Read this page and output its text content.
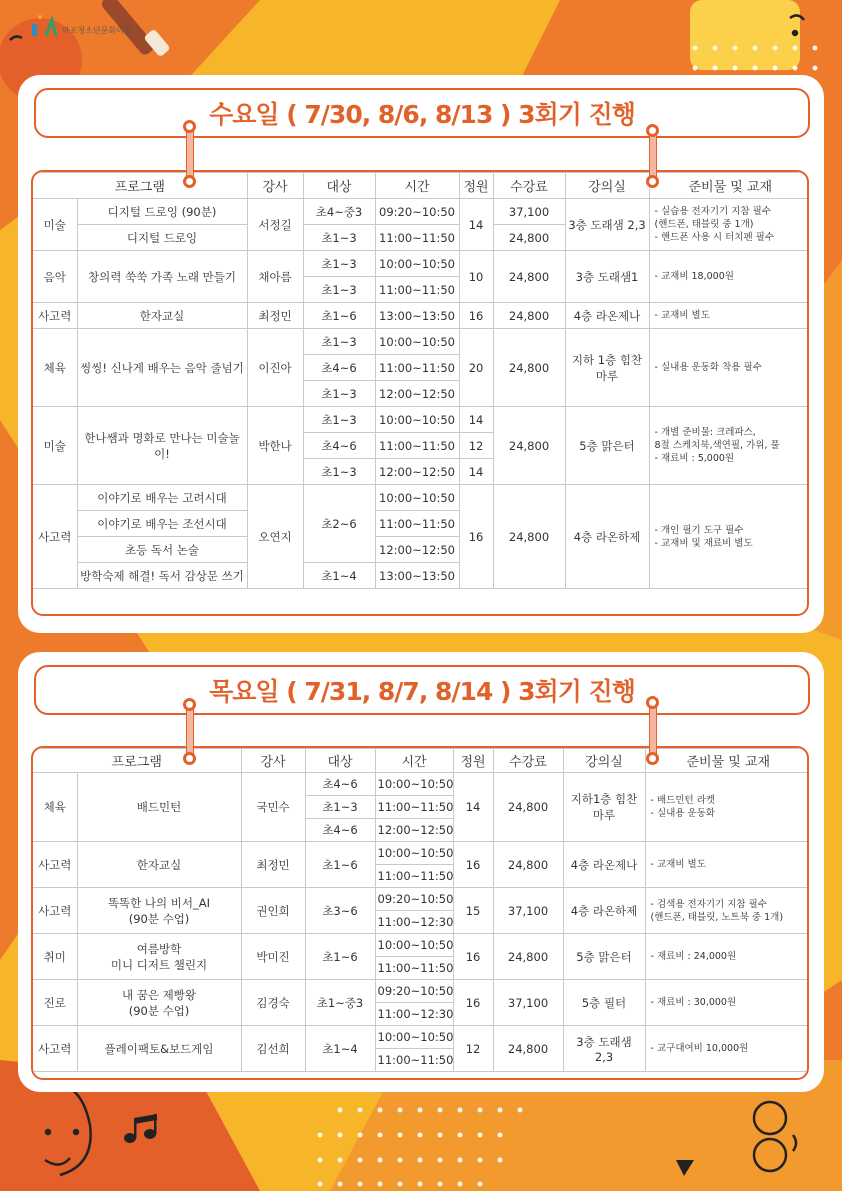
마포청소년문화의집
수요일 ( 7/30, 8/6, 8/13 ) 3회기 진행
프로그램		강사	대상	시간	정원	수강료	강의실	준비물 및 교재
미술	디지털 드로잉 (90분)	서정길	초4~중3	09:20~10:50	14	37,100	3층 도래샘 2,3	- 실습용 전자기기 지참 필수
(핸드폰, 태블릿 중 1개)
- 핸드폰 사용 시 터치펜 필수
	디지털 드로잉		초1~3	11:00~11:50		24,800		
음악	창의력 쑥쑥 가족 노래 만들기	채아름	초1~3	10:00~10:50	10	24,800	3층 도래샘1	- 교재비 18,000원
			초1~3	11:00~11:50				
사고력	한자교실	최정민	초1~6	13:00~13:50	16	24,800	4층 라온제나	- 교재비 별도
체육	씽씽! 신나게 배우는 음악 줄넘기	이진아	초1~3	10:00~10:50	20	24,800	지하 1층 힘찬마루	- 실내용 운동화 착용 필수
			초4~6	11:00~11:50				
			초1~3	12:00~12:50				
미술	한나쌤과 명화로 만나는 미술놀이!	박한나	초1~3	10:00~10:50	14	24,800	5층 맑은터	- 개별 준비물: 크레파스,
8절 스케치북,색연필, 가위, 풀
- 재료비 : 5,000원
			초4~6	11:00~11:50	12			
			초1~3	12:00~12:50	14			
사고력	이야기로 배우는 고려시대	오연지	초2~6	10:00~10:50	16	24,800	4층 라온하제	- 개인 필기 도구 필수
- 교재비 및 재료비 별도
	이야기로 배우는 조선시대			11:00~11:50				
	초등 독서 논술			12:00~12:50				
	방학숙제 해결! 독서 감상문 쓰기		초1~4	13:00~13:50				
목요일 ( 7/31, 8/7, 8/14 ) 3회기 진행
프로그램		강사	대상	시간	정원	수강료	강의실	준비물 및 교재
체육	배드민턴	국민수	초4~6	10:00~10:50	14	24,800	지하1층 힘찬마루	- 배드민턴 라켓
- 실내용 운동화
			초1~3	11:00~11:50				
			초4~6	12:00~12:50				
사고력	한자교실	최정민	초1~6	10:00~10:50	16	24,800	4층 라온제나	- 교재비 별도
				11:00~11:50				
사고력	똑똑한 나의 비서_AI
(90분 수업)	권인희	초3~6	09:20~10:50	15	37,100	4층 라온하제	- 검색용 전자기기 지참 필수
(핸드폰, 태블릿, 노트북 중 1개)
				11:00~12:30				
취미	여름방학
미니 디저트 챌린지	박미진	초1~6	10:00~10:50	16	24,800	5층 맑은터	- 재료비 : 24,000원
				11:00~11:50				
진로	내 꿈은 제빵왕
(90분 수업)	김경숙	초1~중3	09:20~10:50	16	37,100	5층 필터	- 재료비 : 30,000원
				11:00~12:30				
사고력	플레이팩토&보드게임	김선희	초1~4	10:00~10:50	12	24,800	3층 도래샘 2,3	- 교구대여비 10,000원
				11:00~11:50				
